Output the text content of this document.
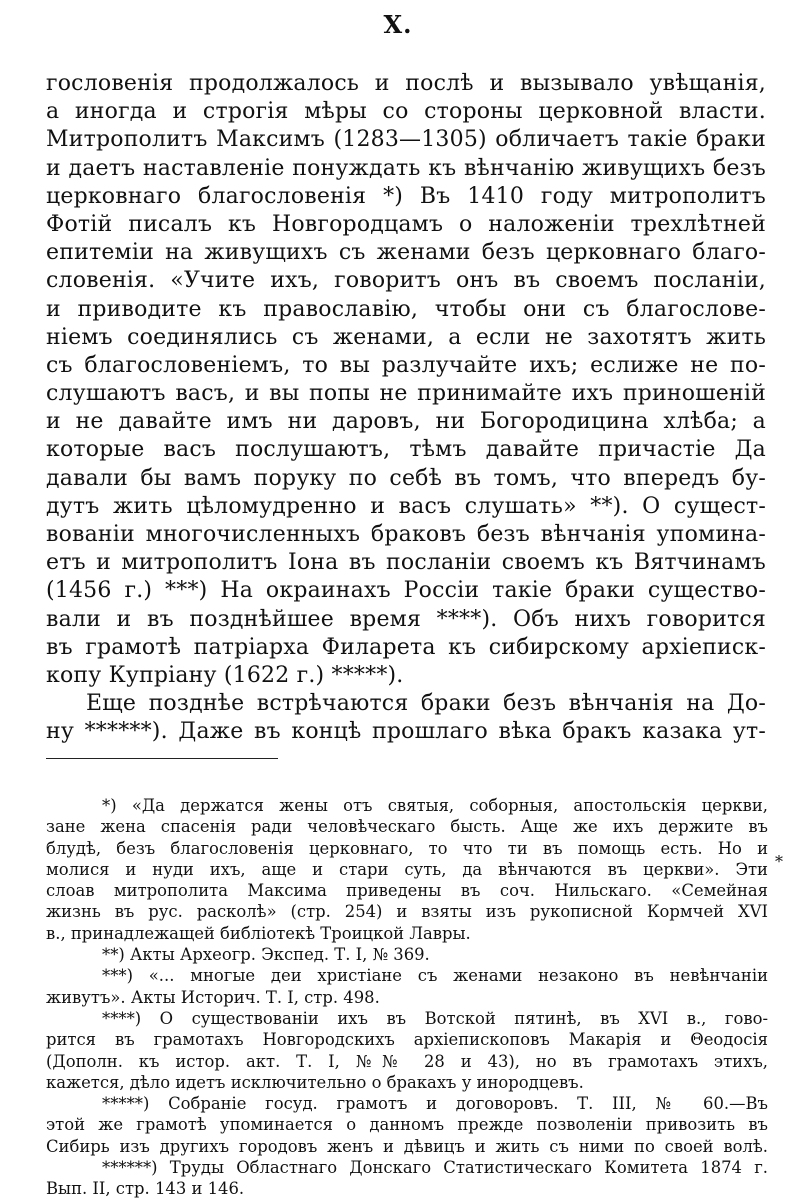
X.
гословенія продолжалось и послѣ и вызывало увѣщанія,
а иногда и строгія мѣры со стороны церковной власти.
Митрополитъ Максимъ (1283—1305) обличаетъ такіе браки
и даетъ наставленіе понуждать къ вѣнчанію живущихъ безъ
церковнаго благословенія *) Въ 1410 году митрополитъ
Фотій писалъ къ Новгородцамъ о наложеніи трехлѣтней
епитеміи на живущихъ съ женами безъ церковнаго благо-
словенія. «Учите ихъ, говоритъ онъ въ своемъ посланіи,
и приводите къ православію, чтобы они съ благослове-
ніемъ соединялись съ женами, а если не захотятъ жить
съ благословеніемъ, то вы разлучайте ихъ; еслиже не по-
слушаютъ васъ, и вы попы не принимайте ихъ приношеній
и не давайте имъ ни даровъ, ни Богородицина хлѣба; а
которые васъ послушаютъ, тѣмъ давайте причастіе Да
давали бы вамъ поруку по себѣ въ томъ, что впередъ бу-
дутъ жить цѣломудренно и васъ слушать» **). О сущест-
вованіи многочисленныхъ браковъ безъ вѣнчанія упомина-
етъ и митрополитъ Іона въ посланіи своемъ къ Вятчинамъ
(1456 г.) ***) На окраинахъ Россіи такіе браки существо-
вали и въ позднѣйшее время ****). Объ нихъ говорится
въ грамотѣ патріарха Филарета къ сибирскому архіеписк-
копу Купріану (1622 г.) *****).
Еще позднѣе встрѣчаются браки безъ вѣнчанія на До-
ну ******). Даже въ концѣ прошлаго вѣка бракъ казака ут-
*) «Да держатся жены отъ святыя, соборныя, апостольскія церкви,
зане жена спасенія ради человѣческаго бысть. Аще же ихъ держите въ
блудѣ, безъ благословенія церковнаго, то что ти въ помощь есть. Но и
молися и нуди ихъ, аще и стари суть, да вѣнчаются въ церкви». Эти
слоав митрополита Максима приведены въ соч. Нильскаго. «Семейная
жизнь въ рус. расколѣ» (стр. 254) и взяты изъ рукописной Кормчей XVI
в., принадлежащей библіотекѣ Троицкой Лавры.
**) Акты Археогр. Экспед. Т. I, № 369.
***) «... многые деи христіане съ женами незаконо въ невѣнчаніи
живутъ». Акты Историч. Т. I, стр. 498.
****) О существованіи ихъ въ Вотской пятинѣ, въ XVI в., гово-
рится въ грамотахъ Новгородскихъ архіепископовъ Макарія и Θеодосія
(Дополн. къ истор. акт. Т. I, №№ 28 и 43), но въ грамотахъ этихъ,
кажется, дѣло идетъ исключительно о бракахъ у инородцевъ.
*****) Собраніе госуд. грамотъ и договоровъ. Т. III, № 60.—Въ
этой же грамотѣ упоминается о данномъ прежде позволеніи привозить въ
Сибирь изъ другихъ городовъ женъ и дѣвицъ и жить съ ними по своей волѣ.
******) Труды Областнаго Донскаго Статистическаго Комитета 1874 г.
Вып. II, стр. 143 и 146.
*
